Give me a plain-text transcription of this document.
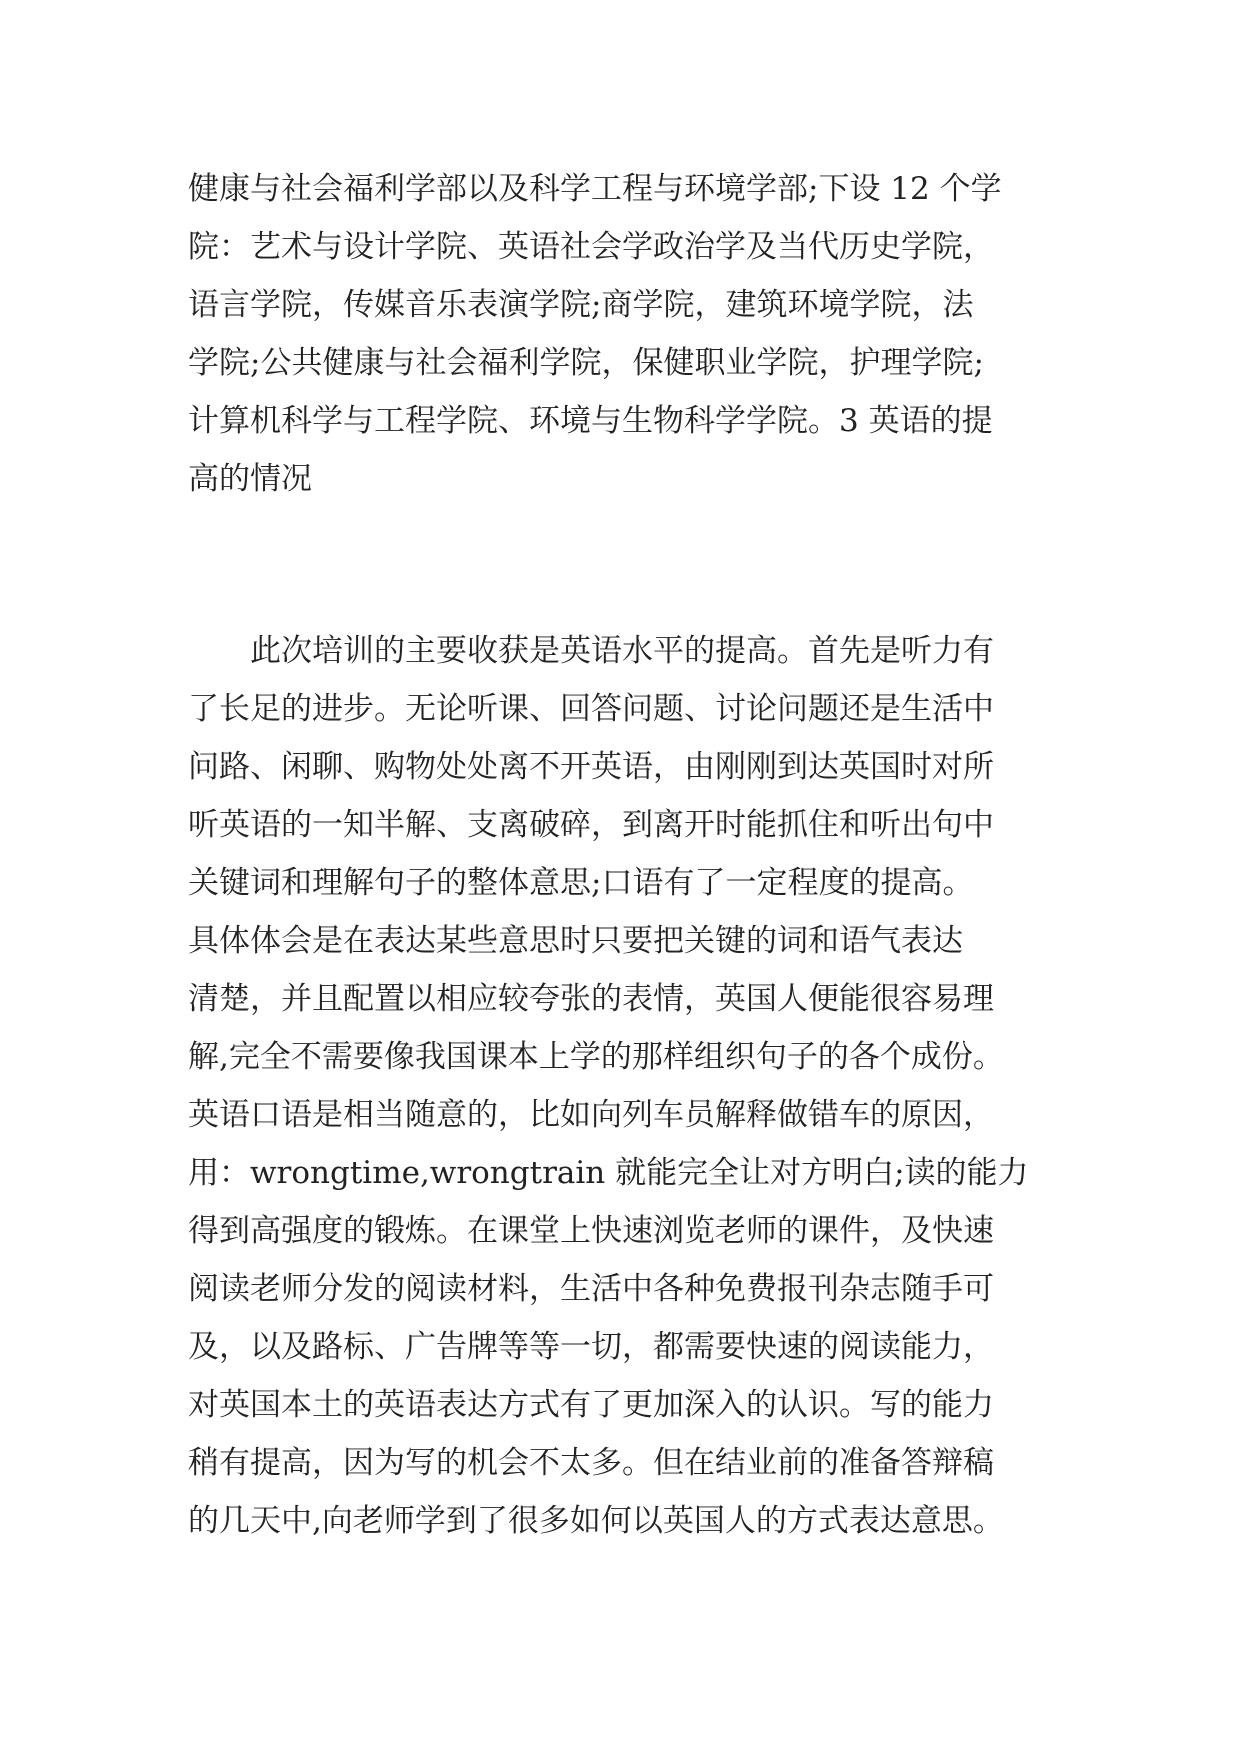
健康与社会福利学部以及科学工程与环境学部;下设 12 个学
院：艺术与设计学院、英语社会学政治学及当代历史学院，
语言学院，传媒音乐表演学院;商学院，建筑环境学院，法
学院;公共健康与社会福利学院，保健职业学院，护理学院;
计算机科学与工程学院、环境与生物科学学院。3 英语的提
高的情况
此次培训的主要收获是英语水平的提高。首先是听力有
了长足的进步。无论听课、回答问题、讨论问题还是生活中
问路、闲聊、购物处处离不开英语，由刚刚到达英国时对所
听英语的一知半解、支离破碎，到离开时能抓住和听出句中
关键词和理解句子的整体意思;口语有了一定程度的提高。
具体体会是在表达某些意思时只要把关键的词和语气表达
清楚，并且配置以相应较夸张的表情，英国人便能很容易理
解,完全不需要像我国课本上学的那样组织句子的各个成份。
英语口语是相当随意的，比如向列车员解释做错车的原因，
用：wrongtime,wrongtrain 就能完全让对方明白;读的能力
得到高强度的锻炼。在课堂上快速浏览老师的课件，及快速
阅读老师分发的阅读材料，生活中各种免费报刊杂志随手可
及，以及路标、广告牌等等一切，都需要快速的阅读能力，
对英国本土的英语表达方式有了更加深入的认识。写的能力
稍有提高，因为写的机会不太多。但在结业前的准备答辩稿
的几天中,向老师学到了很多如何以英国人的方式表达意思。
